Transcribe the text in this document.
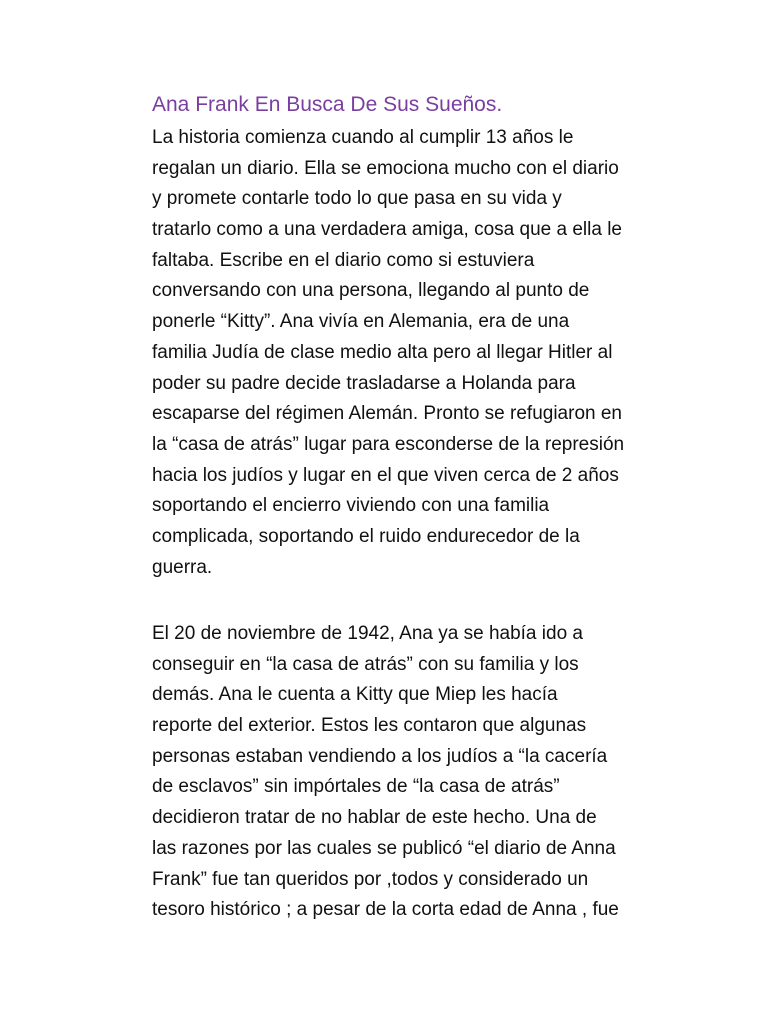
Ana Frank En Busca De Sus Sueños.
La historia comienza cuando al cumplir 13 años le
regalan un diario. Ella se emociona mucho con el diario
y promete contarle todo lo que pasa en su vida y
tratarlo como a una verdadera amiga, cosa que a ella le
faltaba. Escribe en el diario como si estuviera
conversando con una persona, llegando al punto de
ponerle “Kitty”. Ana vivía en Alemania, era de una
familia Judía de clase medio alta pero al llegar Hitler al
poder su padre decide trasladarse a Holanda para
escaparse del régimen Alemán. Pronto se refugiaron en
la “casa de atrás” lugar para esconderse de la represión
hacia los judíos y lugar en el que viven cerca de 2 años
soportando el encierro viviendo con una familia
complicada, soportando el ruido endurecedor de la
guerra.
El 20 de noviembre de 1942, Ana ya se había ido a
conseguir en “la casa de atrás” con su familia y los
demás. Ana le cuenta a Kitty que Miep les hacía
reporte del exterior. Estos les contaron que algunas
personas estaban vendiendo a los judíos a “la cacería
de esclavos” sin impórtales de “la casa de atrás”
decidieron tratar de no hablar de este hecho. Una de
las razones por las cuales se publicó “el diario de Anna
Frank” fue tan queridos por ,todos y considerado un
tesoro histórico ; a pesar de la corta edad de Anna , fue
